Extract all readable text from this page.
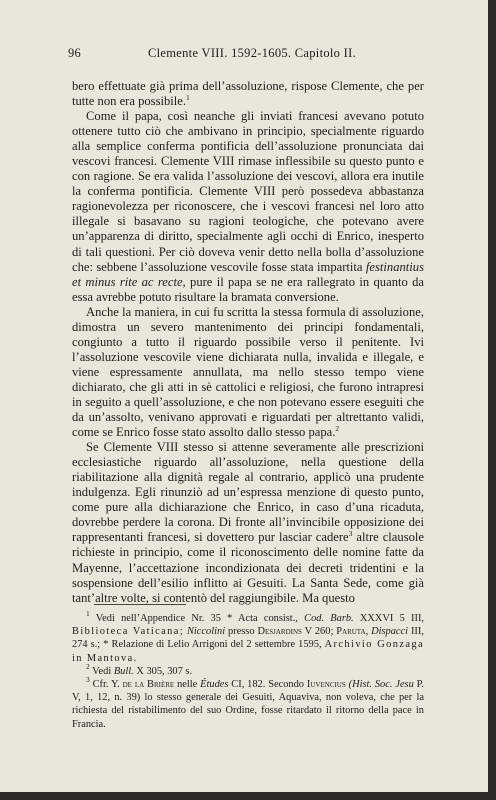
96	Clemente VIII. 1592-1605. Capitolo II.

bero effettuate già prima dell’assoluzione, rispose Clemente, che per tutte non era possibile.$^1$

Come il papa, così neanche gli inviati francesi avevano potuto ottenere tutto ciò che ambivano in principio, specialmente riguardo alla semplice conferma pontificia dell’assoluzione pronunciata dai vescovi francesi. Clemente VIII rimase inflessibile su questo punto e con ragione. Se era valida l’assoluzione dei vescovi, allora era inutile la conferma pontificia. Clemente VIII però possedeva abbastanza ragionevolezza per riconoscere, che i vescovi francesi nel loro atto illegale si basavano su ragioni teologiche, che potevano avere un’apparenza di diritto, specialmente agli occhi di Enrico, inesperto di tali questioni. Per ciò doveva venir detto nella bolla d’assoluzione che: sebbene l’assoluzione vescovile fosse stata impartita festinantius et minus rite ac recte, pure il papa se ne era rallegrato in quanto da essa avrebbe potuto risultare la bramata conversione.

Anche la maniera, in cui fu scritta la stessa formula di assoluzione, dimostra un severo mantenimento dei principi fondamentali, congiunto a tutto il riguardo possibile verso il penitente. Ivi l’assoluzione vescovile viene dichiarata nulla, invalida e illegale, e viene espressamente annullata, ma nello stesso tempo viene dichiarato, che gli atti in sè cattolici e religiosi, che furono intrapresi in seguito a quell’assoluzione, e che non potevano essere eseguiti che da un’assolto, venivano approvati e riguardati per altrettanto validi, come se Enrico fosse stato assolto dallo stesso papa.$^2$

Se Clemente VIII stesso si attenne severamente alle prescrizioni ecclesiastiche riguardo all’assoluzione, nella questione della riabilitazione alla dignità regale al contrario, applicò una prudente indulgenza. Egli rinunziò ad un’espressa menzione di questo punto, come pure alla dichiarazione che Enrico, in caso d’una ricaduta, dovrebbe perdere la corona. Di fronte all’invincibile opposizione dei rappresentanti francesi, si dovettero pur lasciar cadere$^3$ altre clausole richieste in principio, come il riconoscimento delle nomine fatte da Mayenne, l’accettazione incondizionata dei decreti tridentini e la sospensione dell’esilio inflitto ai Gesuiti. La Santa Sede, come già tant’altre volte, si contentò del raggiungibile. Ma questo

$^1$ Vedi nell’Appendice Nr. 35 * Acta consist., Cod. Barb. XXXVI 5 III, Biblioteca Vaticana; Niccolini presso Desjardins V 260; Paruta, Dispacci III, 274 s.; * Relazione di Lelio Arrigoni del 2 settembre 1595, Archivio Gonzaga in Mantova.

$^2$ Vedi Bull. X 305, 307 s.

$^3$ Cfr. Y. de la Brière nelle Études CI, 182. Secondo Iuvencius (Hist. Soc. Jesu P. V, 1, 12, n. 39) lo stesso generale dei Gesuiti, Aquaviva, non voleva, che per la richiesta del ristabilimento del suo Ordine, fosse ritardato il ritorno della pace in Francia.
